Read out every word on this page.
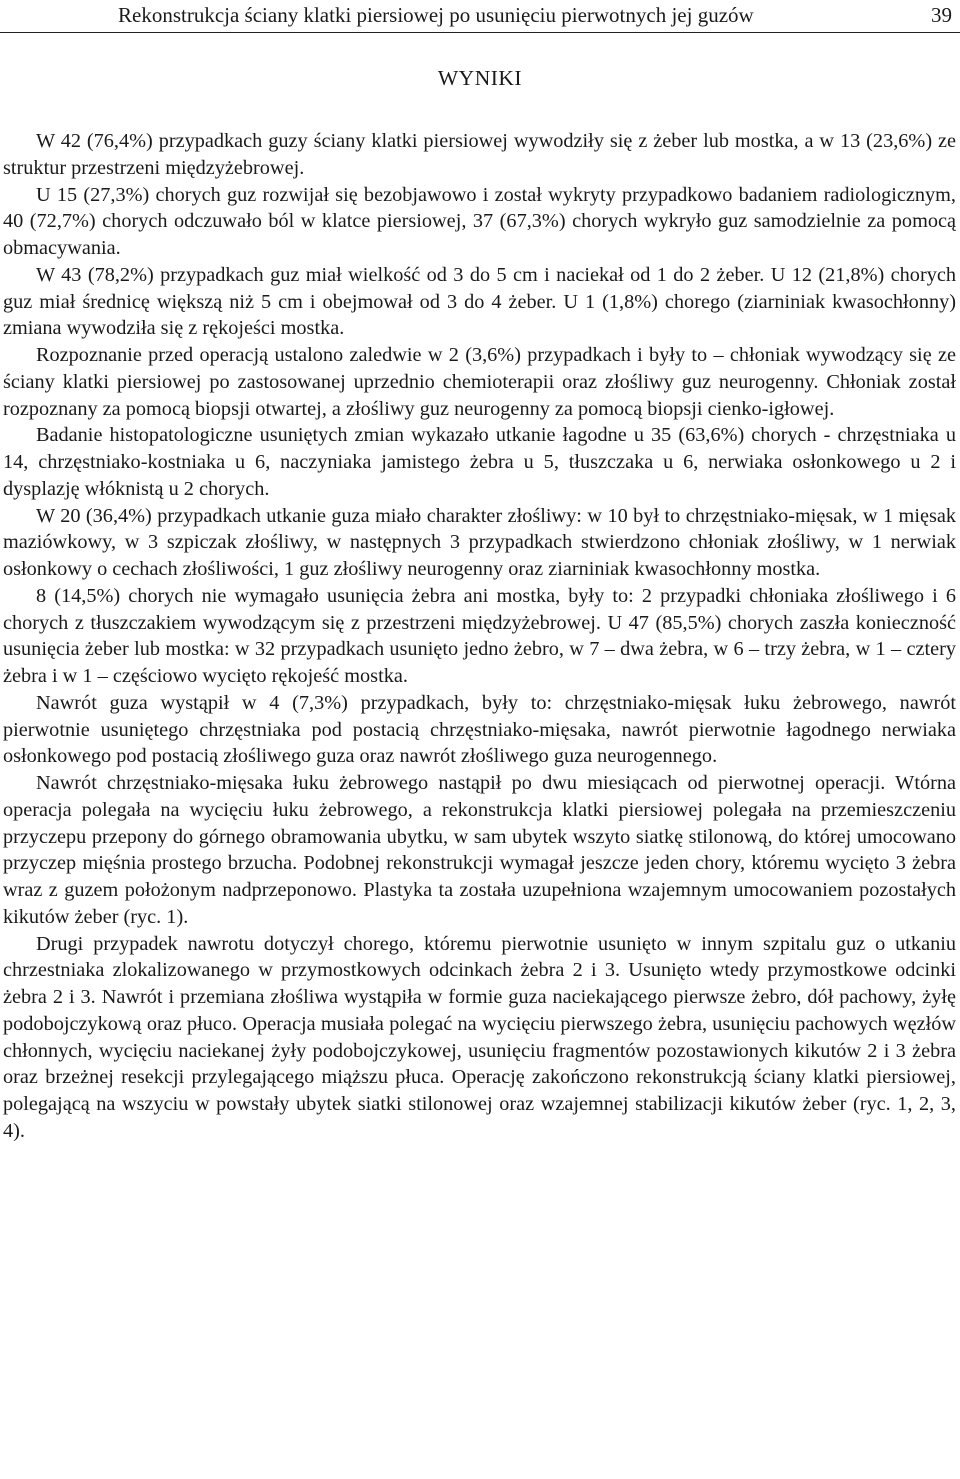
Rekonstrukcja ściany klatki piersiowej po usunięciu pierwotnych jej guzów	39
WYNIKI

W 42 (76,4%) przypadkach guzy ściany klatki piersiowej wywodziły się z żeber lub mostka, a w 13 (23,6%) ze struktur przestrzeni międzyżebrowej.

U 15 (27,3%) chorych guz rozwijał się bezobjawowo i został wykryty przypadkowo badaniem radiologicznym, 40 (72,7%) chorych odczuwało ból w klatce piersiowej, 37 (67,3%) chorych wykryło guz samodzielnie za pomocą obmacywania.

W 43 (78,2%) przypadkach guz miał wielkość od 3 do 5 cm i naciekał od 1 do 2 żeber. U 12 (21,8%) chorych guz miał średnicę większą niż 5 cm i obejmował od 3 do 4 żeber. U 1 (1,8%) chorego (ziarniniak kwasochłonny) zmiana wywodziła się z rękojeści mostka.

Rozpoznanie przed operacją ustalono zaledwie w 2 (3,6%) przypadkach i były to – chłoniak wywodzący się ze ściany klatki piersiowej po zastosowanej uprzednio chemioterapii oraz złośliwy guz neurogenny. Chłoniak został rozpoznany za pomocą biopsji otwartej, a złośliwy guz neurogenny za pomocą biopsji cienko-igłowej.

Badanie histopatologiczne usuniętych zmian wykazało utkanie łagodne u 35 (63,6%) chorych - chrzęstniaka u 14, chrzęstniako-kostniaka u 6, naczyniaka jamistego żebra u 5, tłuszczaka u 6, nerwiaka osłonkowego u 2 i dysplazję włóknistą u 2 chorych.

W 20 (36,4%) przypadkach utkanie guza miało charakter złośliwy: w 10 był to chrzęstniako-mięsak, w 1 mięsak maziówkowy, w 3 szpiczak złośliwy, w następnych 3 przypadkach stwierdzono chłoniak złośliwy, w 1 nerwiak osłonkowy o cechach złośliwości, 1 guz złośliwy neurogenny oraz ziarniniak kwasochłonny mostka.

8 (14,5%) chorych nie wymagało usunięcia żebra ani mostka, były to: 2 przypadki chłoniaka złośliwego i 6 chorych z tłuszczakiem wywodzącym się z przestrzeni międzyżebrowej. U 47 (85,5%) chorych zaszła konieczność usunięcia żeber lub mostka: w 32 przypadkach usunięto jedno żebro, w 7 – dwa żebra, w 6 – trzy żebra, w 1 – cztery żebra i w 1 – częściowo wycięto rękojeść mostka.

Nawrót guza wystąpił w 4 (7,3%) przypadkach, były to: chrzęstniako-mięsak łuku żebrowego, nawrót pierwotnie usuniętego chrzęstniaka pod postacią chrzęstniako-mięsaka, nawrót pierwotnie łagodnego nerwiaka osłonkowego pod postacią złośliwego guza oraz nawrót złośliwego guza neurogennego.

Nawrót chrzęstniako-mięsaka łuku żebrowego nastąpił po dwu miesiącach od pierwotnej operacji. Wtórna operacja polegała na wycięciu łuku żebrowego, a rekonstrukcja klatki piersiowej polegała na przemieszczeniu przyczepu przepony do górnego obramowania ubytku, w sam ubytek wszyto siatkę stilonową, do której umocowano przyczep mięśnia prostego brzucha. Podobnej rekonstrukcji wymagał jeszcze jeden chory, któremu wycięto 3 żebra wraz z guzem położonym nadprzeponowo. Plastyka ta została uzupełniona wzajemnym umocowaniem pozostałych kikutów żeber (ryc. 1).

Drugi przypadek nawrotu dotyczył chorego, któremu pierwotnie usunięto w innym szpitalu guz o utkaniu chrzestniaka zlokalizowanego w przymostkowych odcinkach żebra 2 i 3. Usunięto wtedy przymostkowe odcinki żebra 2 i 3. Nawrót i przemiana złośliwa wystąpiła w formie guza naciekającego pierwsze żebro, dół pachowy, żyłę podobojczykową oraz płuco. Operacja musiała polegać na wycięciu pierwszego żebra, usunięciu pachowych węzłów chłonnych, wycięciu naciekanej żyły podobojczykowej, usunięciu fragmentów pozostawionych kikutów 2 i 3 żebra oraz brzeżnej resekcji przylegającego miąższu płuca. Operację zakończono rekonstrukcją ściany klatki piersiowej, polegającą na wszyciu w powstały ubytek siatki stilonowej oraz wzajemnej stabilizacji kikutów żeber (ryc. 1, 2, 3, 4).
